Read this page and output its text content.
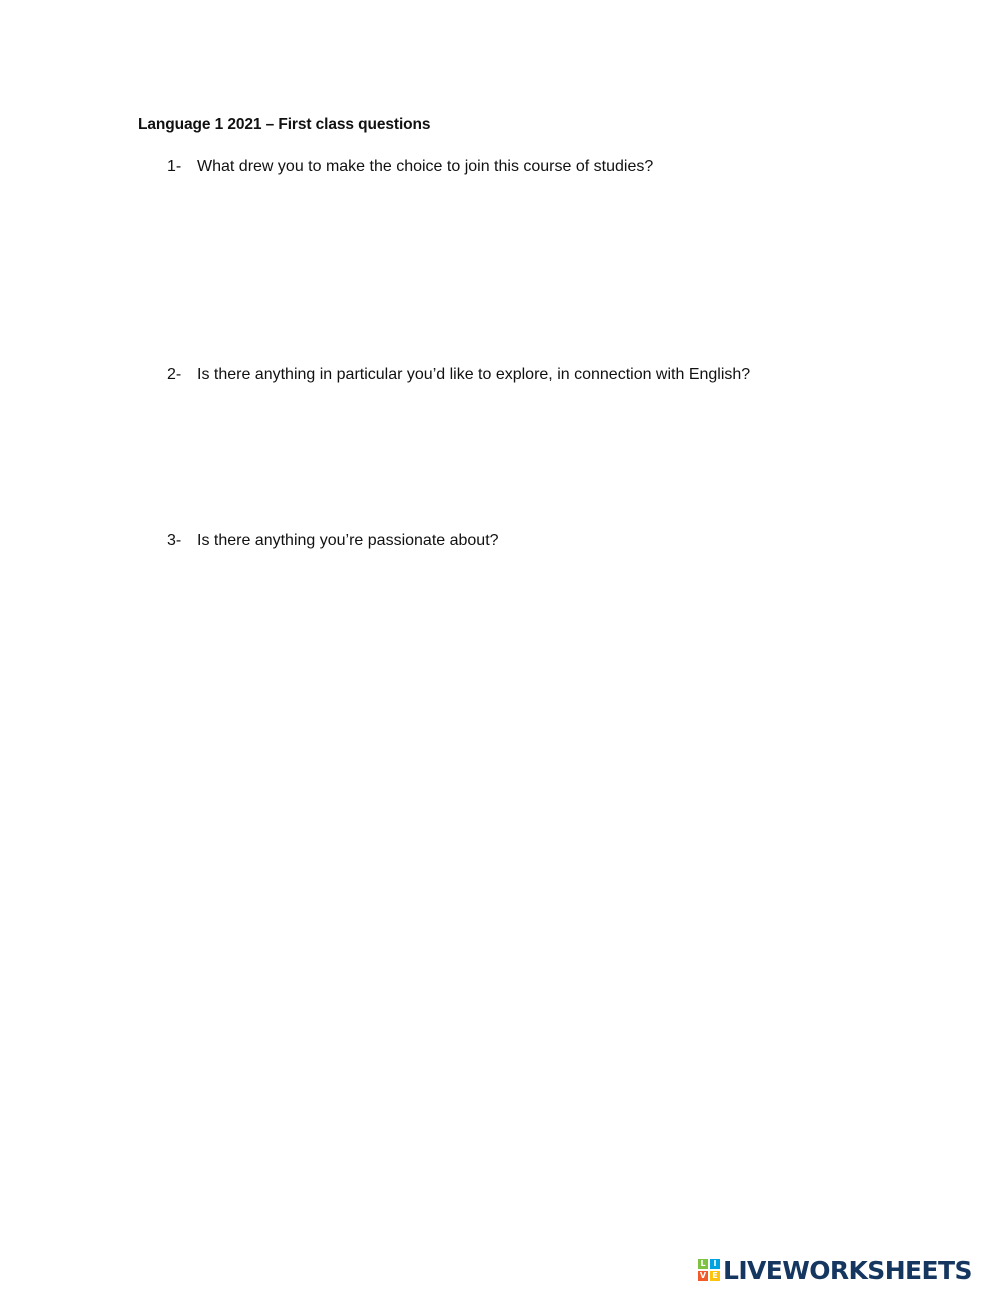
Language 1 2021 – First class questions
1- What drew you to make the choice to join this course of studies?
2- Is there anything in particular you’d like to explore, in connection with English?
3- Is there anything you’re passionate about?
L I
V E LIVEWORKSHEETS
